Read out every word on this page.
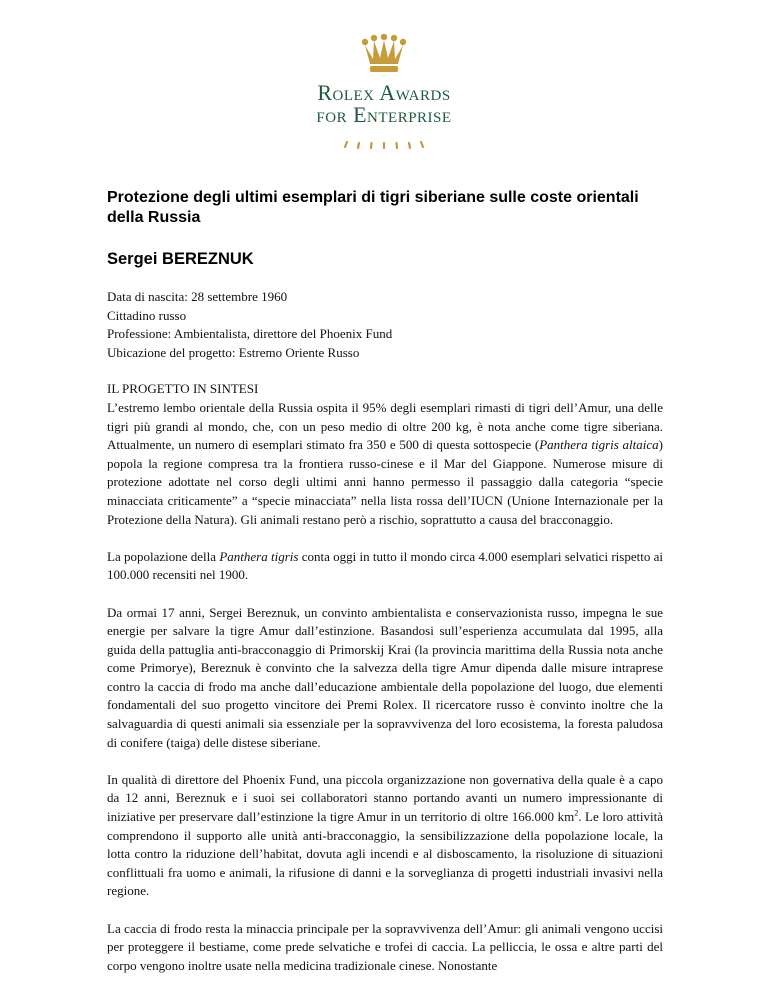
Rolex Awards
for Enterprise
Protezione degli ultimi esemplari di tigri siberiane sulle coste orientali della Russia
Sergei BEREZNUK

Data di nascita: 28 settembre 1960

Cittadino russo

Professione: Ambientalista, direttore del Phoenix Fund

Ubicazione del progetto: Estremo Oriente Russo

IL PROGETTO IN SINTESI

L’estremo lembo orientale della Russia ospita il 95% degli esemplari rimasti di tigri dell’Amur, una delle tigri più grandi al mondo, che, con un peso medio di oltre 200 kg, è nota anche come tigre siberiana. Attualmente, un numero di esemplari stimato fra 350 e 500 di questa sottospecie (Panthera tigris altaica) popola la regione compresa tra la frontiera russo-cinese e il Mar del Giappone. Numerose misure di protezione adottate nel corso degli ultimi anni hanno permesso il passaggio dalla categoria “specie minacciata criticamente” a “specie minacciata” nella lista rossa dell’IUCN (Unione Internazionale per la Protezione della Natura). Gli animali restano però a rischio, soprattutto a causa del bracconaggio.

La popolazione della Panthera tigris conta oggi in tutto il mondo circa 4.000 esemplari selvatici rispetto ai 100.000 recensiti nel 1900.

Da ormai 17 anni, Sergei Bereznuk, un convinto ambientalista e conservazionista russo, impegna le sue energie per salvare la tigre Amur dall’estinzione. Basandosi sull’esperienza accumulata dal 1995, alla guida della pattuglia anti-bracconaggio di Primorskij Krai (la provincia marittima della Russia nota anche come Primorye), Bereznuk è convinto che la salvezza della tigre Amur dipenda dalle misure intraprese contro la caccia di frodo ma anche dall’educazione ambientale della popolazione del luogo, due elementi fondamentali del suo progetto vincitore dei Premi Rolex. Il ricercatore russo è convinto inoltre che la salvaguardia di questi animali sia essenziale per la sopravvivenza del loro ecosistema, la foresta paludosa di conifere (taiga) delle distese siberiane.

In qualità di direttore del Phoenix Fund, una piccola organizzazione non governativa della quale è a capo da 12 anni, Bereznuk e i suoi sei collaboratori stanno portando avanti un numero impressionante di iniziative per preservare dall’estinzione la tigre Amur in un territorio di oltre 166.000 $km^2$. Le loro attività comprendono il supporto alle unità anti-bracconaggio, la sensibilizzazione della popolazione locale, la lotta contro la riduzione dell’habitat, dovuta agli incendi e al disboscamento, la risoluzione di situazioni conflittuali fra uomo e animali, la rifusione di danni e la sorveglianza di progetti industriali invasivi nella regione.

La caccia di frodo resta la minaccia principale per la sopravvivenza dell’Amur: gli animali vengono uccisi per proteggere il bestiame, come prede selvatiche e trofei di caccia. La pelliccia, le ossa e altre parti del corpo vengono inoltre usate nella medicina tradizionale cinese. Nonostante
